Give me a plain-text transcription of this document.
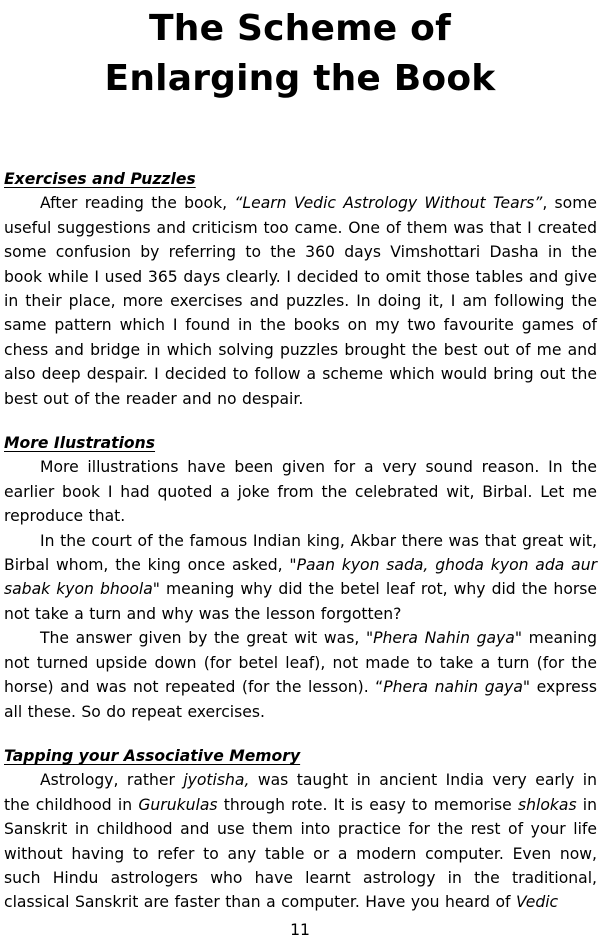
The Scheme of
Enlarging the Book

Exercises and Puzzles

After reading the book, “Learn Vedic Astrology Without Tears”, some useful suggestions and criticism too came. One of them was that I created some confusion by referring to the 360 days Vimshottari Dasha in the book while I used 365 days clearly. I decided to omit those tables and give in their place, more exercises and puzzles. In doing it, I am following the same pattern which I found in the books on my two favourite games of chess and bridge in which solving puzzles brought the best out of me and also deep despair. I decided to follow a scheme which would bring out the best out of the reader and no despair.

More Ilustrations

More illustrations have been given for a very sound reason. In the earlier book I had quoted a joke from the celebrated wit, Birbal. Let me reproduce that.

In the court of the famous Indian king, Akbar there was that great wit, Birbal whom, the king once asked, "Paan kyon sada, ghoda kyon ada aur sabak kyon bhoola" meaning why did the betel leaf rot, why did the horse not take a turn and why was the lesson forgotten?

The answer given by the great wit was, "Phera Nahin gaya" meaning not turned upside down (for betel leaf), not made to take a turn (for the horse) and was not repeated (for the lesson). “Phera nahin gaya" express all these. So do repeat exercises.

Tapping your Associative Memory

Astrology, rather jyotisha, was taught in ancient India very early in the childhood in Gurukulas through rote. It is easy to memorise shlokas in Sanskrit in childhood and use them into practice for the rest of your life without having to refer to any table or a modern computer. Even now, such Hindu astrologers who have learnt astrology in the traditional, classical Sanskrit are faster than a computer. Have you heard of Vedic

11
